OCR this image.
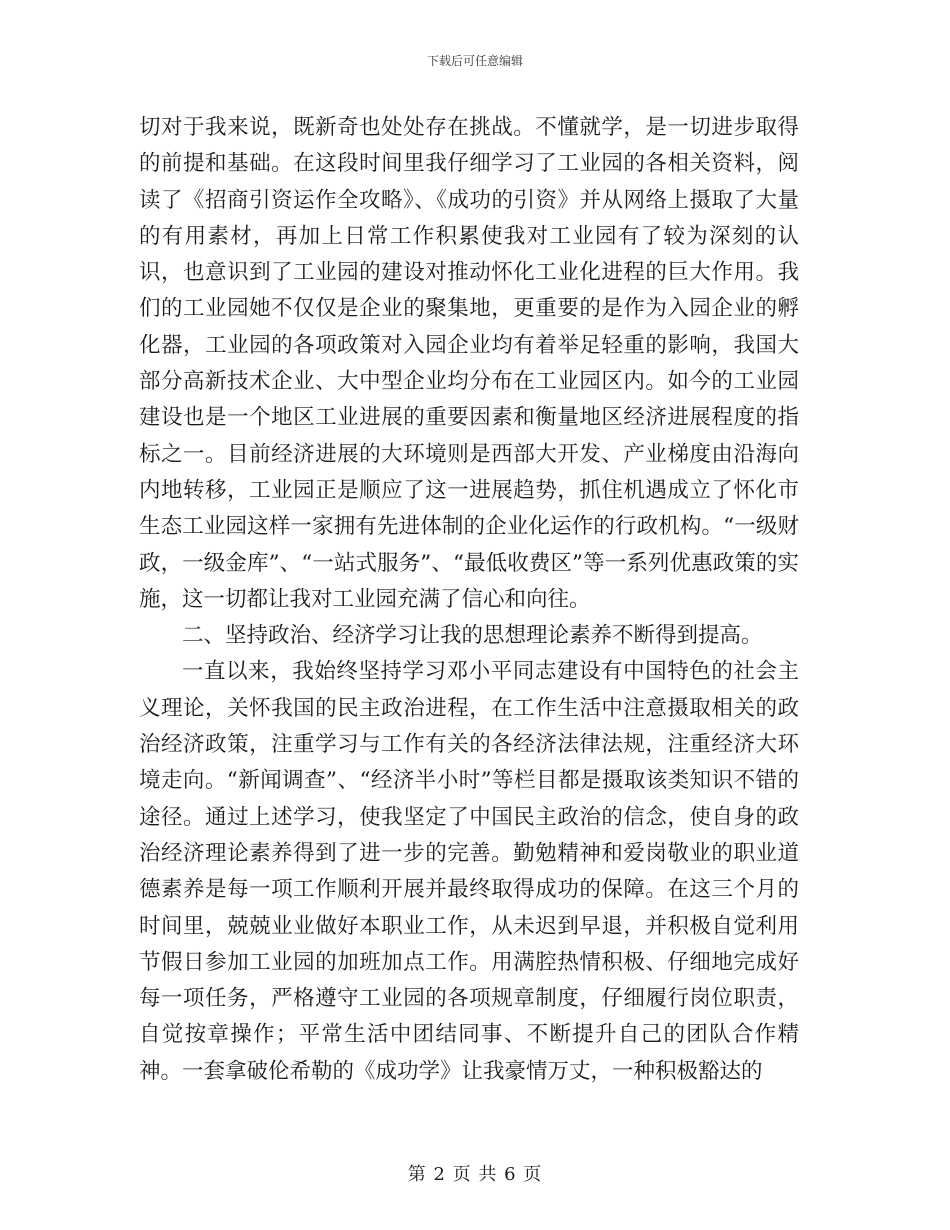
下载后可任意编辑

切对于我来说，既新奇也处处存在挑战。不懂就学，是一切进步取得的前提和基础。在这段时间里我仔细学习了工业园的各相关资料，阅读了《招商引资运作全攻略》、《成功的引资》并从网络上摄取了大量的有用素材，再加上日常工作积累使我对工业园有了较为深刻的认识，也意识到了工业园的建设对推动怀化工业化进程的巨大作用。我们的工业园她不仅仅是企业的聚集地，更重要的是作为入园企业的孵化器，工业园的各项政策对入园企业均有着举足轻重的影响，我国大部分高新技术企业、大中型企业均分布在工业园区内。如今的工业园建设也是一个地区工业进展的重要因素和衡量地区经济进展程度的指标之一。目前经济进展的大环境则是西部大开发、产业梯度由沿海向内地转移，工业园正是顺应了这一进展趋势，抓住机遇成立了怀化市生态工业园这样一家拥有先进体制的企业化运作的行政机构。“一级财政，一级金库”、“一站式服务”、“最低收费区”等一系列优惠政策的实施，这一切都让我对工业园充满了信心和向往。

二、坚持政治、经济学习让我的思想理论素养不断得到提高。

一直以来，我始终坚持学习邓小平同志建设有中国特色的社会主义理论，关怀我国的民主政治进程，在工作生活中注意摄取相关的政治经济政策，注重学习与工作有关的各经济法律法规，注重经济大环境走向。“新闻调查”、“经济半小时”等栏目都是摄取该类知识不错的途径。通过上述学习，使我坚定了中国民主政治的信念，使自身的政治经济理论素养得到了进一步的完善。勤勉精神和爱岗敬业的职业道德素养是每一项工作顺利开展并最终取得成功的保障。在这三个月的时间里，兢兢业业做好本职业工作，从未迟到早退，并积极自觉利用节假日参加工业园的加班加点工作。用满腔热情积极、仔细地完成好每一项任务，严格遵守工业园的各项规章制度，仔细履行岗位职责，自觉按章操作；平常生活中团结同事、不断提升自己的团队合作精神。一套拿破伦希勒的《成功学》让我豪情万丈，一种积极豁达的

第 2 页 共 6 页
